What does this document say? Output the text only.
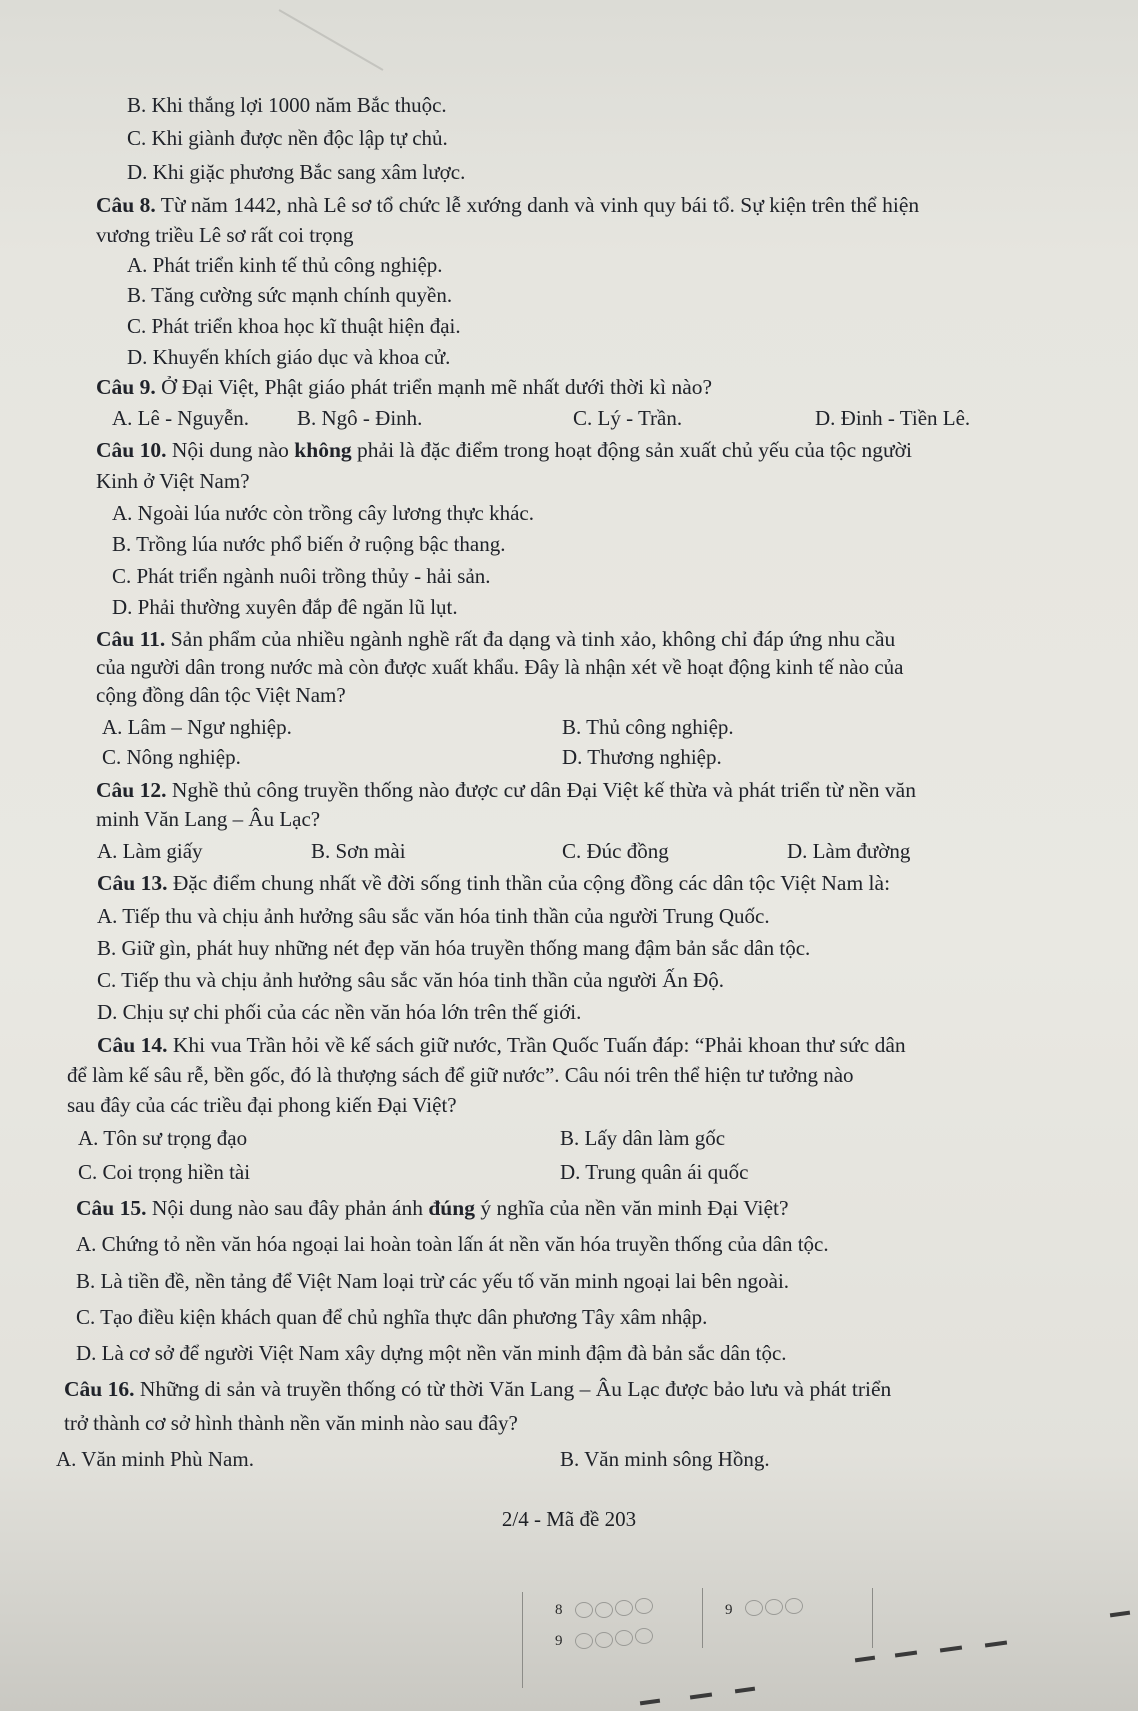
B. Khi thắng lợi 1000 năm Bắc thuộc.
C. Khi giành được nền độc lập tự chủ.
D. Khi giặc phương Bắc sang xâm lược.
Câu 8. Từ năm 1442, nhà Lê sơ tổ chức lễ xướng danh và vinh quy bái tổ. Sự kiện trên thể hiện
vương triều Lê sơ rất coi trọng
A. Phát triển kinh tế thủ công nghiệp.
B. Tăng cường sức mạnh chính quyền.
C. Phát triển khoa học kĩ thuật hiện đại.
D. Khuyến khích giáo dục và khoa cử.
Câu 9. Ở Đại Việt, Phật giáo phát triển mạnh mẽ nhất dưới thời kì nào?
A. Lê - Nguyễn. B. Ngô - Đinh.	C. Lý - Trần.	D. Đinh - Tiền Lê.
Câu 10. Nội dung nào không phải là đặc điểm trong hoạt động sản xuất chủ yếu của tộc người
Kinh ở Việt Nam?
A. Ngoài lúa nước còn trồng cây lương thực khác.
B. Trồng lúa nước phổ biến ở ruộng bậc thang.
C. Phát triển ngành nuôi trồng thủy - hải sản.
D. Phải thường xuyên đắp đê ngăn lũ lụt.
Câu 11. Sản phẩm của nhiều ngành nghề rất đa dạng và tinh xảo, không chỉ đáp ứng nhu cầu
của người dân trong nước mà còn được xuất khẩu. Đây là nhận xét về hoạt động kinh tế nào của
cộng đồng dân tộc Việt Nam?
A. Lâm – Ngư nghiệp.	B. Thủ công nghiệp.
C. Nông nghiệp.	D. Thương nghiệp.
Câu 12. Nghề thủ công truyền thống nào được cư dân Đại Việt kế thừa và phát triển từ nền văn
minh Văn Lang – Âu Lạc?
A. Làm giấy	B. Sơn mài	C. Đúc đồng	D. Làm đường
Câu 13. Đặc điểm chung nhất về đời sống tinh thần của cộng đồng các dân tộc Việt Nam là:
A. Tiếp thu và chịu ảnh hưởng sâu sắc văn hóa tinh thần của người Trung Quốc.
B. Giữ gìn, phát huy những nét đẹp văn hóa truyền thống mang đậm bản sắc dân tộc.
C. Tiếp thu và chịu ảnh hưởng sâu sắc văn hóa tinh thần của người Ấn Độ.
D. Chịu sự chi phối của các nền văn hóa lớn trên thế giới.
Câu 14. Khi vua Trần hỏi về kế sách giữ nước, Trần Quốc Tuấn đáp: “Phải khoan thư sức dân
để làm kế sâu rễ, bền gốc, đó là thượng sách để giữ nước”. Câu nói trên thể hiện tư tưởng nào
sau đây của các triều đại phong kiến Đại Việt?
A. Tôn sư trọng đạo	B. Lấy dân làm gốc
C. Coi trọng hiền tài	D. Trung quân ái quốc
Câu 15. Nội dung nào sau đây phản ánh đúng ý nghĩa của nền văn minh Đại Việt?
A. Chứng tỏ nền văn hóa ngoại lai hoàn toàn lấn át nền văn hóa truyền thống của dân tộc.
B. Là tiền đề, nền tảng để Việt Nam loại trừ các yếu tố văn minh ngoại lai bên ngoài.
C. Tạo điều kiện khách quan để chủ nghĩa thực dân phương Tây xâm nhập.
D. Là cơ sở để người Việt Nam xây dựng một nền văn minh đậm đà bản sắc dân tộc.
Câu 16. Những di sản và truyền thống có từ thời Văn Lang – Âu Lạc được bảo lưu và phát triển
trở thành cơ sở hình thành nền văn minh nào sau đây?
A. Văn minh Phù Nam.	B. Văn minh sông Hồng.
2/4 - Mã đề 203
8	9
9
